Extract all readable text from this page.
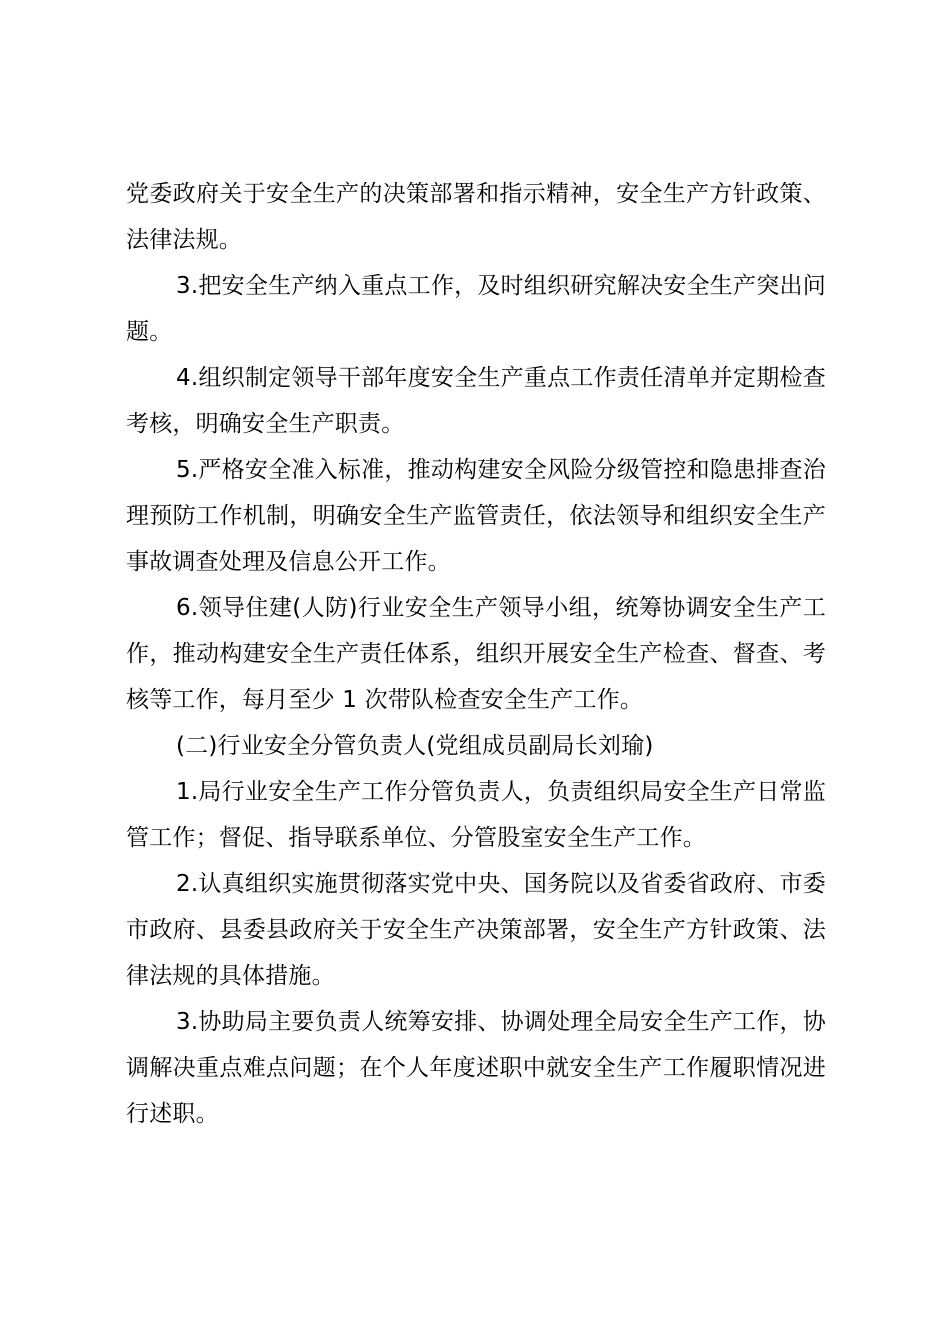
党委政府关于安全生产的决策部署和指示精神，安全生产方针政策、法律法规。

3.把安全生产纳入重点工作，及时组织研究解决安全生产突出问题。

4.组织制定领导干部年度安全生产重点工作责任清单并定期检查考核，明确安全生产职责。

5.严格安全准入标准，推动构建安全风险分级管控和隐患排查治理预防工作机制，明确安全生产监管责任，依法领导和组织安全生产事故调查处理及信息公开工作。

6.领导住建(人防)行业安全生产领导小组，统筹协调安全生产工作，推动构建安全生产责任体系，组织开展安全生产检查、督查、考核等工作，每月至少 1 次带队检查安全生产工作。

(二)行业安全分管负责人(党组成员副局长刘瑜)

1.局行业安全生产工作分管负责人，负责组织局安全生产日常监管工作；督促、指导联系单位、分管股室安全生产工作。

2.认真组织实施贯彻落实党中央、国务院以及省委省政府、市委市政府、县委县政府关于安全生产决策部署，安全生产方针政策、法律法规的具体措施。

3.协助局主要负责人统筹安排、协调处理全局安全生产工作，协调解决重点难点问题；在个人年度述职中就安全生产工作履职情况进行述职。
